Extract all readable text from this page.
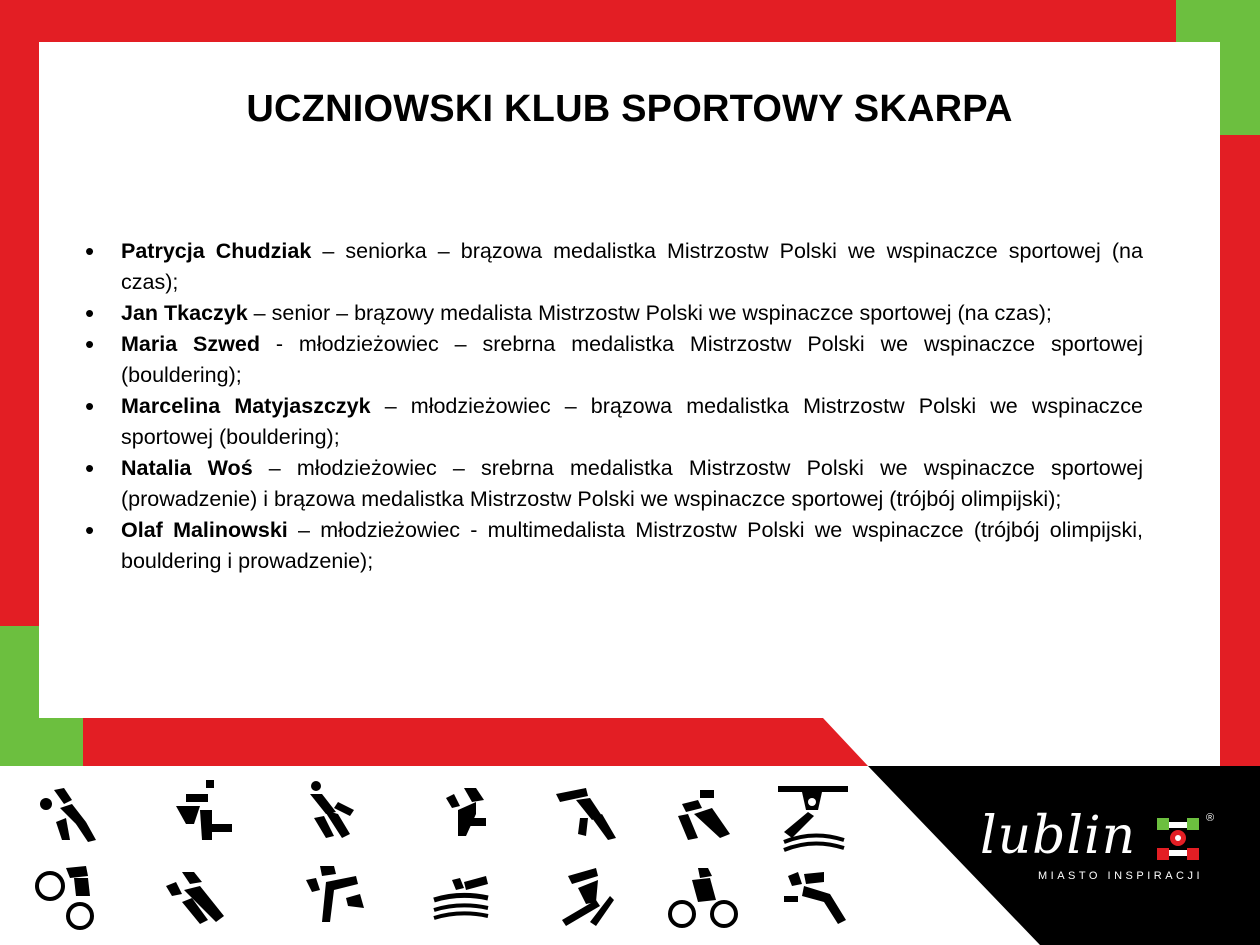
UCZNIOWSKI KLUB SPORTOWY SKARPA
• Patrycja Chudziak – seniorka – brązowa medalistka Mistrzostw Polski we wspinaczce sportowej (na czas);
• Jan Tkaczyk – senior – brązowy medalista Mistrzostw Polski we wspinaczce sportowej (na czas);
• Maria Szwed - młodzieżowiec – srebrna medalistka Mistrzostw Polski we wspinaczce sportowej (bouldering);
• Marcelina Matyjaszczyk – młodzieżowiec – brązowa medalistka Mistrzostw Polski we wspinaczce sportowej (bouldering);
• Natalia Woś – młodzieżowiec – srebrna medalistka Mistrzostw Polski we wspinaczce sportowej (prowadzenie) i brązowa medalistka Mistrzostw Polski we wspinaczce sportowej (trójbój olimpijski);
• Olaf Malinowski – młodzieżowiec - multimedalista Mistrzostw Polski we wspinaczce (trójbój olimpijski, bouldering i prowadzenie);
lublin	®
MIASTO INSPIRACJI
